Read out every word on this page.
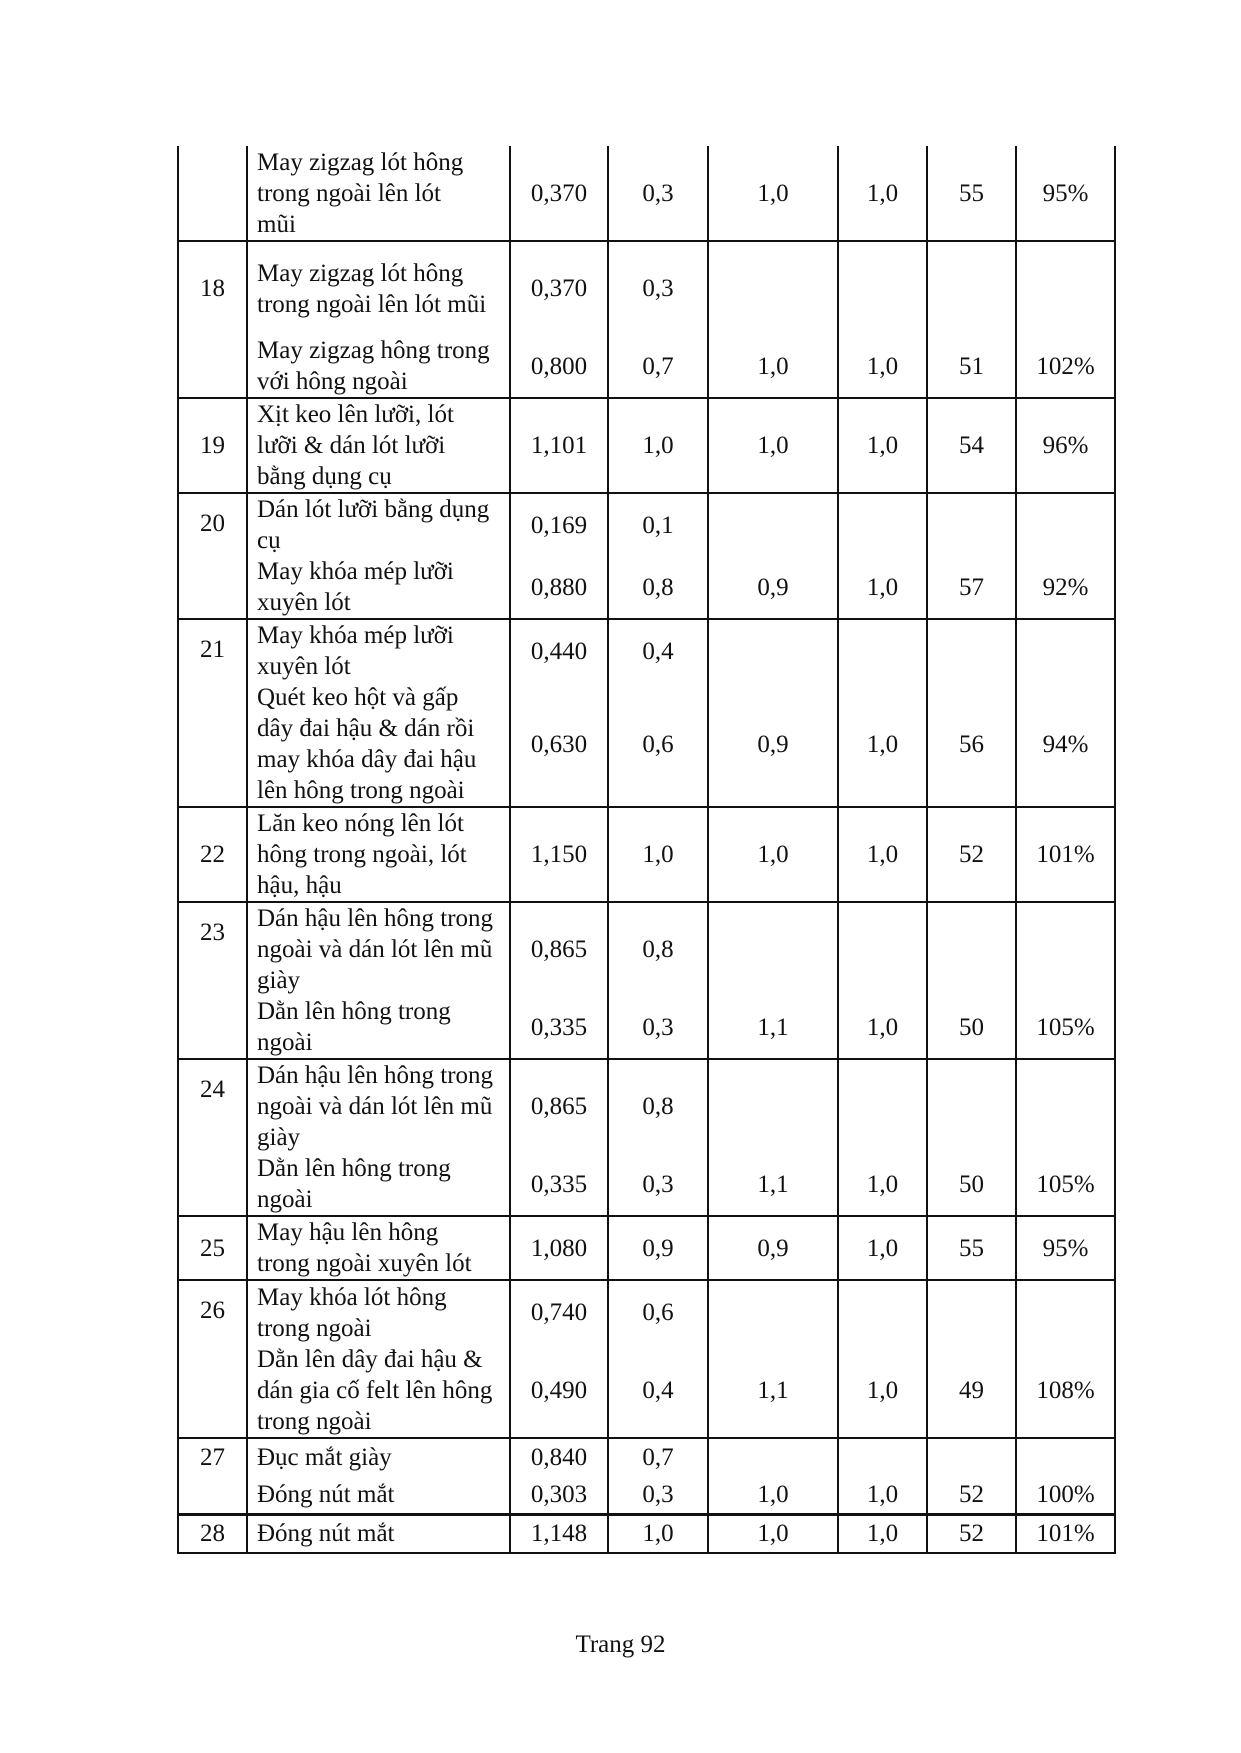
	May zigzag lót hông
trong ngoài lên lót
mũi	0,370	0,3	1,0	1,0	55	95%
18	May zigzag lót hông trong ngoài lên lót mũi	0,370	0,3				
	May zigzag hông trong với hông ngoài	0,800	0,7	1,0	1,0	51	102%
19	Xịt keo lên lưỡi, lót lưỡi & dán lót lưỡi bằng dụng cụ	1,101	1,0	1,0	1,0	54	96%
20	Dán lót lưỡi bằng dụng cụ	0,169	0,1				
	May khóa mép lưỡi xuyên lót	0,880	0,8	0,9	1,0	57	92%
21	May khóa mép lưỡi xuyên lót	0,440	0,4				
	Quét keo hột và gấp dây đai hậu & dán rồi may khóa dây đai hậu lên hông trong ngoài	0,630	0,6	0,9	1,0	56	94%
22	Lăn keo nóng lên lót hông trong ngoài, lót hậu, hậu	1,150	1,0	1,0	1,0	52	101%
23	Dán hậu lên hông trong ngoài và dán lót lên mũ giày	0,865	0,8				
	Dằn lên hông trong ngoài	0,335	0,3	1,1	1,0	50	105%
24	Dán hậu lên hông trong ngoài và dán lót lên mũ giày	0,865	0,8				
	Dằn lên hông trong ngoài	0,335	0,3	1,1	1,0	50	105%
25	May hậu lên hông trong ngoài xuyên lót	1,080	0,9	0,9	1,0	55	95%
26	May khóa lót hông trong ngoài	0,740	0,6				
	Dằn lên dây đai hậu & dán gia cố felt lên hông trong ngoài	0,490	0,4	1,1	1,0	49	108%
27	Đục mắt giày	0,840	0,7				
	Đóng nút mắt	0,303	0,3	1,0	1,0	52	100%
28	Đóng nút mắt	1,148	1,0	1,0	1,0	52	101%
Trang 92
